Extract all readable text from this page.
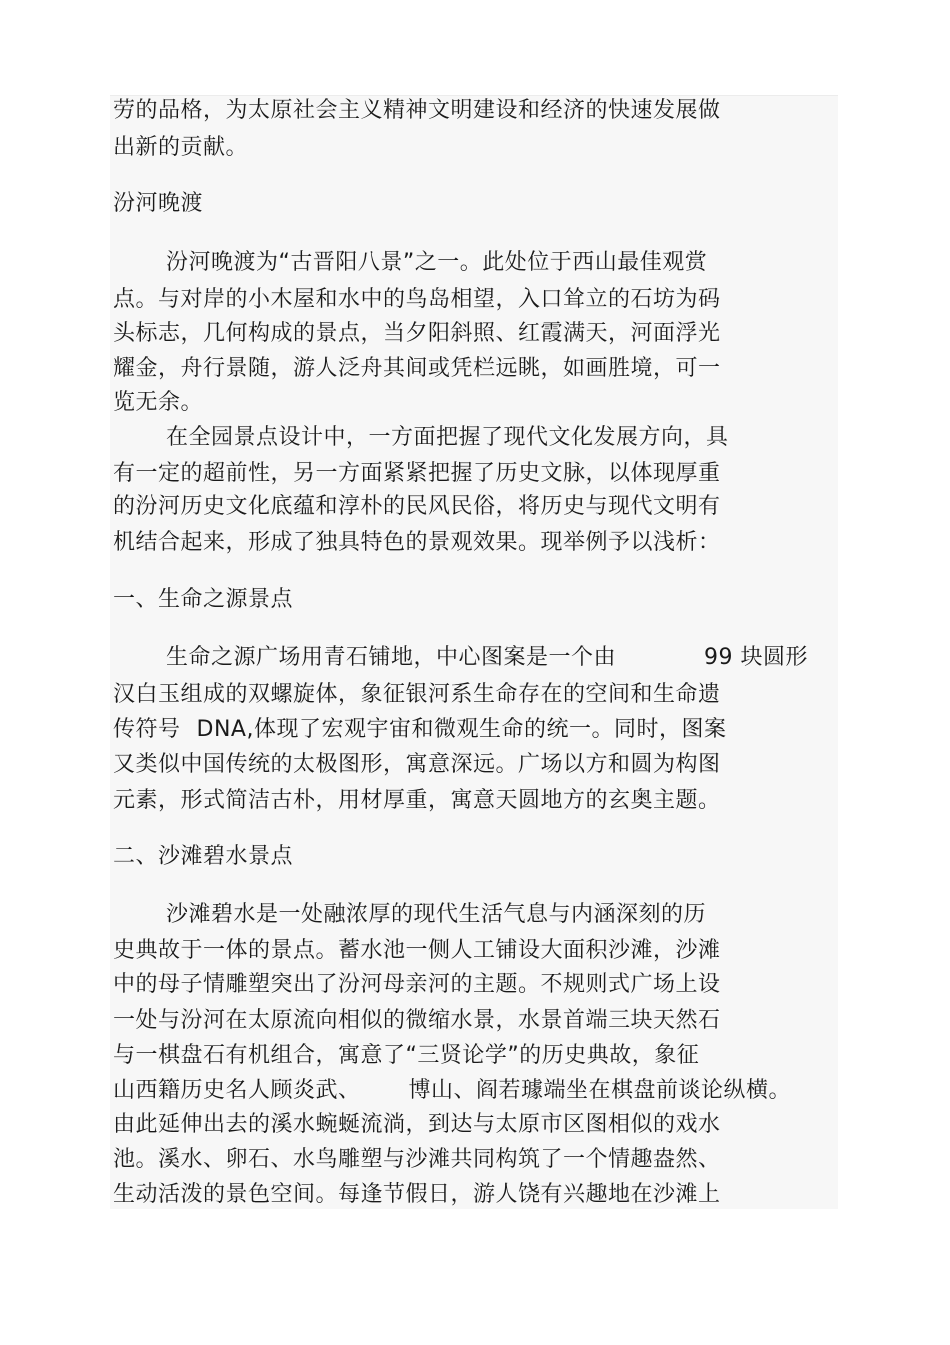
劳的品格，为太原社会主义精神文明建设和经济的快速发展做
出新的贡献。
汾河晚渡
汾河晚渡为“古晋阳八景”之一。此处位于西山最佳观赏
点。与对岸的小木屋和水中的鸟岛相望，入口耸立的石坊为码
头标志，几何构成的景点，当夕阳斜照、红霞满天，河面浮光
耀金，舟行景随，游人泛舟其间或凭栏远眺，如画胜境，可一
览无余。
在全园景点设计中，一方面把握了现代文化发展方向，具
有一定的超前性，另一方面紧紧把握了历史文脉，以体现厚重
的汾河历史文化底蕴和淳朴的民风民俗，将历史与现代文明有
机结合起来，形成了独具特色的景观效果。现举例予以浅析：
一、生命之源景点
生命之源广场用青石铺地，中心图案是一个由	99 块圆形
汉白玉组成的双螺旋体，象征银河系生命存在的空间和生命遗
传符号 DNA,体现了宏观宇宙和微观生命的统一。同时，图案
又类似中国传统的太极图形，寓意深远。广场以方和圆为构图
元素，形式简洁古朴，用材厚重，寓意天圆地方的玄奥主题。
二、沙滩碧水景点
沙滩碧水是一处融浓厚的现代生活气息与内涵深刻的历
史典故于一体的景点。蓄水池一侧人工铺设大面积沙滩，沙滩
中的母子情雕塑突出了汾河母亲河的主题。不规则式广场上设
一处与汾河在太原流向相似的微缩水景，水景首端三块天然石
与一棋盘石有机组合，寓意了“三贤论学”的历史典故，象征
山西籍历史名人顾炎武、 博山、阎若璩端坐在棋盘前谈论纵横。
由此延伸出去的溪水蜿蜒流淌，到达与太原市区图相似的戏水
池。溪水、卵石、水鸟雕塑与沙滩共同构筑了一个情趣盎然、
生动活泼的景色空间。每逢节假日，游人饶有兴趣地在沙滩上
